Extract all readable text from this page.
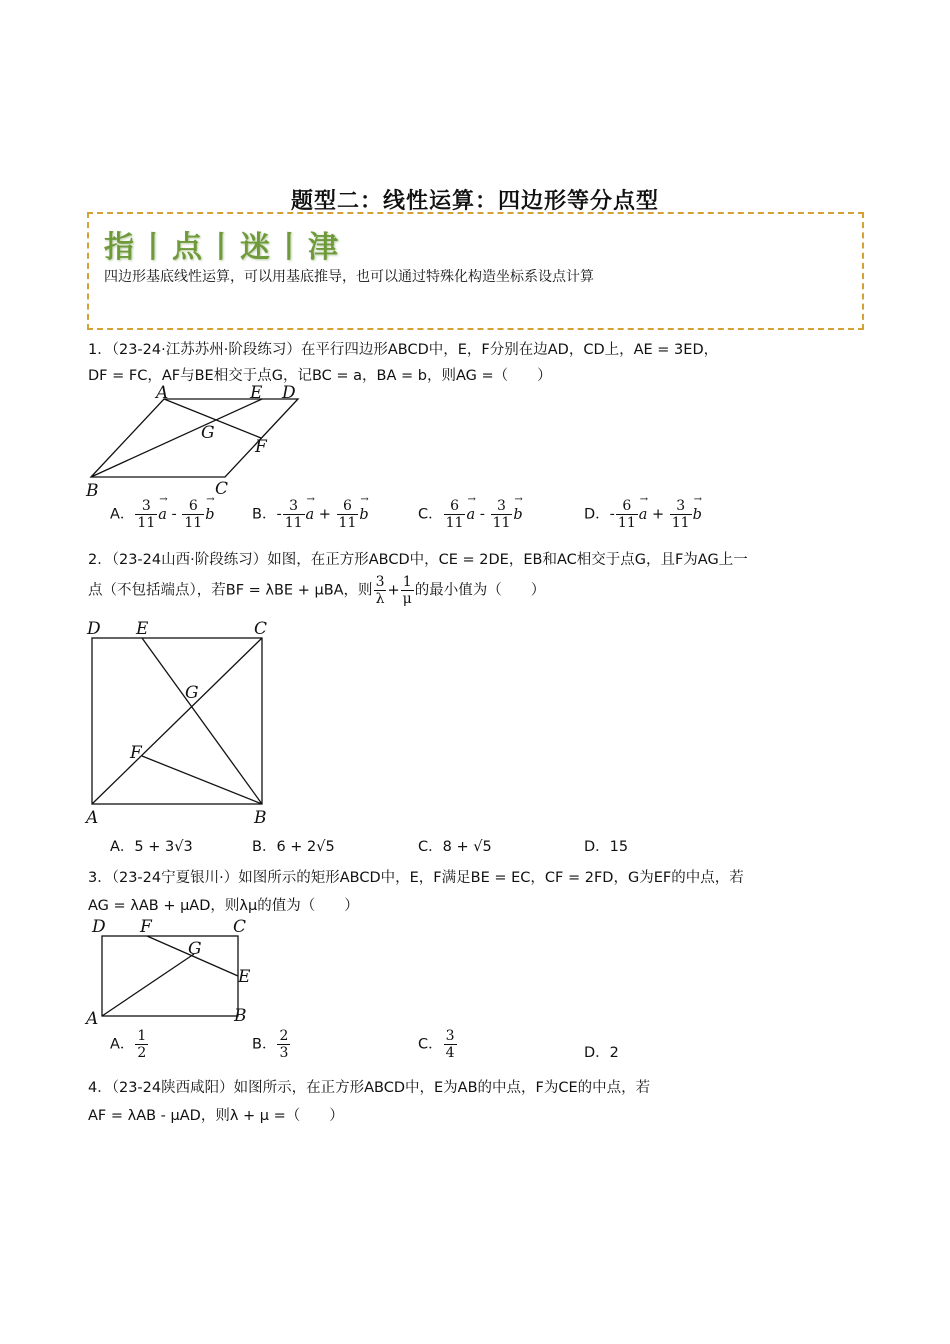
题型二：线性运算：四边形等分点型
指丨点丨迷丨津
四边形基底线性运算，可以用基底推导，也可以通过特殊化构造坐标系设点计算
1．（23-24·江苏苏州·阶段练习）在平行四边形ABCD中，E，F分别在边AD，CD上，AE = 3ED，
DF = FC，AF与BE相交于点G，记BC = a，BA = b，则AG =（　　）
A	E D
G
F
B	C
A． $\frac{3}{11}$
→ a - $\frac{6}{11}$
→ b	B．- $\frac{3}{11}$
→ $a + \frac{6}{11}$
→ b	C． $\frac{6}{11}$
→ a - $\frac{3}{11}$
→ b	D．- $\frac{6}{11}$
→ $a + \frac{3}{11}$
→ b
2．（23-24山西·阶段练习）如图，在正方形ABCD中，CE = 2DE，EB和AC相交于点G，且F为AG上一
点（不包括端点），若BF = λBE + μBA，则 $\frac{3}{\lambda} + \frac{1}{\mu}$ 的最小值为（　　）
D E	C
G
F
A	B
A．5 + 3√3	B．6 + 2√5	C．8 + √5	D．15
3．（23-24宁夏银川·）如图所示的矩形ABCD中，E，F满足BE = EC，CF = 2FD，G为EF的中点，若
AG = λAB + μAD，则λμ的值为（　　）
D F	C
G
E
A	B
A． $\frac{1}{2}$	B． $\frac{2}{3}$	C． $\frac{3}{4}$	D．2
4．（23-24陕西咸阳）如图所示，在正方形ABCD中，E为AB的中点，F为CE的中点，若
AF = λAB - μAD，则λ + μ =（　　）
